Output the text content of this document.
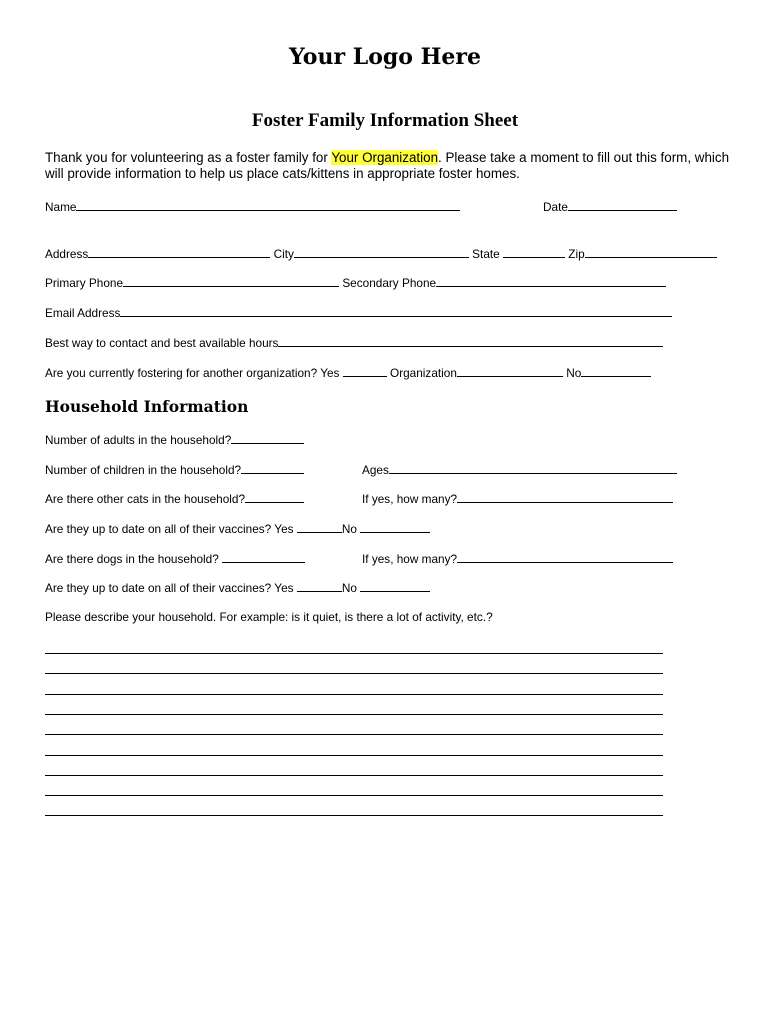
Your Logo Here
Foster Family Information Sheet

Thank you for volunteering as a foster family for Your Organization. Please take a moment to fill out this form, which will provide information to help us place cats/kittens in appropriate foster homes.

Name	Date
Address	City	State	Zip
Primary Phone	Secondary Phone
Email Address
Best way to contact and best available hours
Are you currently fostering for another organization? Yes	Organization	No
Household Information
Number of adults in the household?
Number of children in the household?	Ages
Are there other cats in the household?	If yes, how many?
Are they up to date on all of their vaccines? Yes	No
Are there dogs in the household?	If yes, how many?
Are they up to date on all of their vaccines? Yes	No
Please describe your household. For example: is it quiet, is there a lot of activity, etc.?
